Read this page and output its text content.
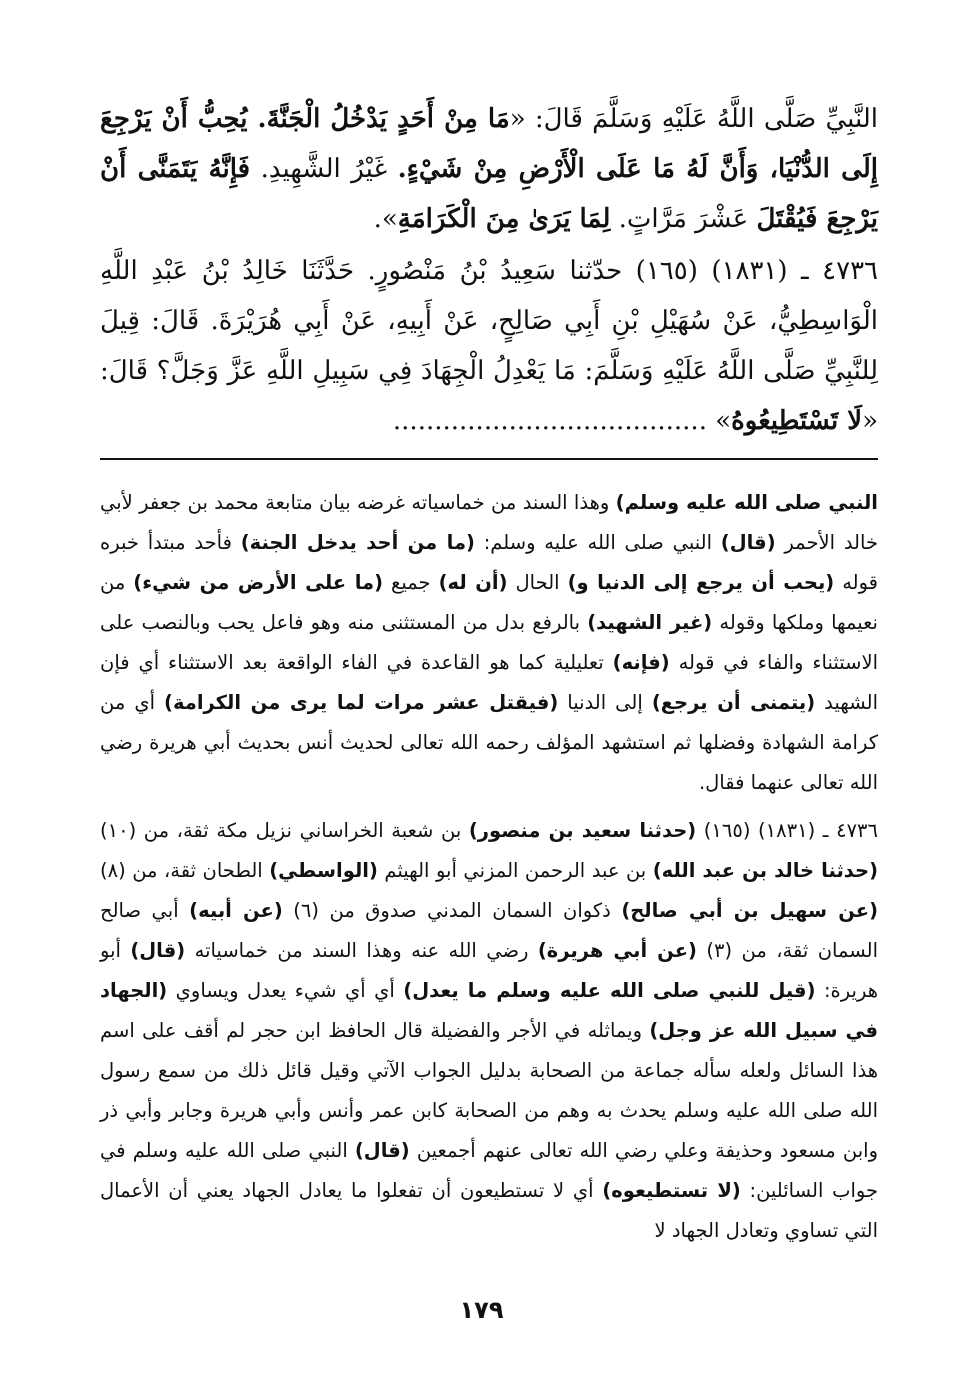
النَّبِيِّ صَلَّى اللَّهُ عَلَيْهِ وَسَلَّمَ قَالَ: «مَا مِنْ أَحَدٍ يَدْخُلُ الْجَنَّةَ. يُحِبُّ أَنْ يَرْجِعَ إِلَى الدُّنْيَا، وَأَنَّ لَهُ مَا عَلَى الْأَرْضِ مِنْ شَيْءٍ. غَيْرُ الشَّهِيدِ. فَإِنَّهُ يَتَمَنَّى أَنْ يَرْجِعَ فَيُقْتَلَ عَشْرَ مَرَّاتٍ. لِمَا يَرَىٰ مِنَ الْكَرَامَةِ».

٤٧٣٦ ـ (١٨٣١) (١٦٥) حدّثنا سَعِيدُ بْنُ مَنْصُورٍ. حَدَّثَنَا خَالِدُ بْنُ عَبْدِ اللَّهِ الْوَاسِطِيُّ، عَنْ سُهَيْلِ بْنِ أَبِي صَالِحٍ، عَنْ أَبِيهِ، عَنْ أَبِي هُرَيْرَةَ. قَالَ: قِيلَ لِلنَّبِيِّ صَلَّى اللَّهُ عَلَيْهِ وَسَلَّمَ: مَا يَعْدِلُ الْجِهَادَ فِي سَبِيلِ اللَّهِ عَزَّ وَجَلَّ؟ قَالَ: «لَا تَسْتَطِيعُوهُ» ......................................

النبي صلى الله عليه وسلم) وهذا السند من خماسياته غرضه بيان متابعة محمد بن جعفر لأبي خالد الأحمر (قال) النبي صلى الله عليه وسلم: (ما من أحد يدخل الجنة) فأحد مبتدأ خبره قوله (يحب أن يرجع إلى الدنيا و) الحال (أن له) جميع (ما على الأرض من شيء) من نعيمها وملكها وقوله (غير الشهيد) بالرفع بدل من المستثنى منه وهو فاعل يحب وبالنصب على الاستثناء والفاء في قوله (فإنه) تعليلية كما هو القاعدة في الفاء الواقعة بعد الاستثناء أي فإن الشهيد (يتمنى أن يرجع) إلى الدنيا (فيقتل عشر مرات لما يرى من الكرامة) أي من كرامة الشهادة وفضلها ثم استشهد المؤلف رحمه الله تعالى لحديث أنس بحديث أبي هريرة رضي الله تعالى عنهما فقال.

٤٧٣٦ ـ (١٨٣١) (١٦٥) (حدثنا سعيد بن منصور) بن شعبة الخراساني نزيل مكة ثقة، من (١٠) (حدثنا خالد بن عبد الله) بن عبد الرحمن المزني أبو الهيثم (الواسطي) الطحان ثقة، من (٨) (عن سهيل بن أبي صالح) ذكوان السمان المدني صدوق من (٦) (عن أبيه) أبي صالح السمان ثقة، من (٣) (عن أبي هريرة) رضي الله عنه وهذا السند من خماسياته (قال) أبو هريرة: (قيل للنبي صلى الله عليه وسلم ما يعدل) أي أي شيء يعدل ويساوي (الجهاد في سبيل الله عز وجل) ويماثله في الأجر والفضيلة قال الحافظ ابن حجر لم أقف على اسم هذا السائل ولعله سأله جماعة من الصحابة بدليل الجواب الآتي وقيل قائل ذلك من سمع رسول الله صلى الله عليه وسلم يحدث به وهم من الصحابة كابن عمر وأنس وأبي هريرة وجابر وأبي ذر وابن مسعود وحذيفة وعلي رضي الله تعالى عنهم أجمعين (قال) النبي صلى الله عليه وسلم في جواب السائلين: (لا تستطيعوه) أي لا تستطيعون أن تفعلوا ما يعادل الجهاد يعني أن الأعمال التي تساوي وتعادل الجهاد لا

١٧٩
